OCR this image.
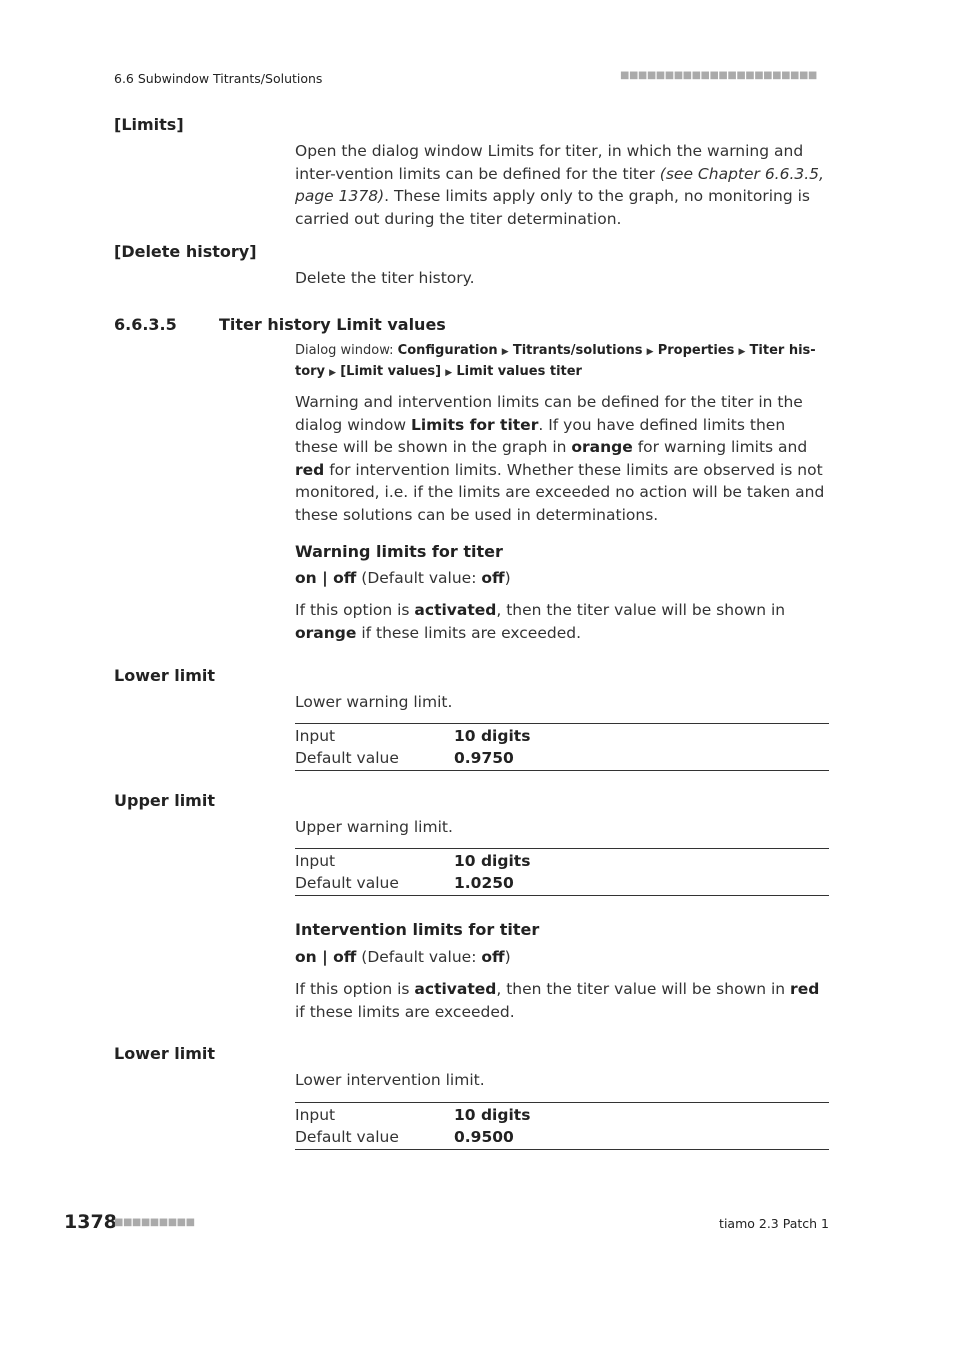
6.6 Subwindow Titrants/Solutions	■■■■■■■■■■■■■■■■■■■■■■
[Limits]
Open the dialog window Limits for titer, in which the warning and inter-vention limits can be defined for the titer (see Chapter 6.6.3.5, page 1378). These limits apply only to the graph, no monitoring is carried out during the titer determination.
[Delete history]
Delete the titer history.
6.6.3.5	Titer history Limit values
Dialog window: Configuration ▶ Titrants/solutions ▶ Properties ▶ Titer his-tory ▶ [Limit values] ▶ Limit values titer
Warning and intervention limits can be defined for the titer in the dialog window Limits for titer. If you have defined limits then these will be shown in the graph in orange for warning limits and red for intervention limits. Whether these limits are observed is not monitored, i.e. if the limits are exceeded no action will be taken and these solutions can be used in determinations.
Warning limits for titer
on | off (Default value: off)
If this option is activated, then the titer value will be shown in orange if these limits are exceeded.
Lower limit
Lower warning limit.
Input	10 digits
Default value	0.9750
Upper limit
Upper warning limit.
Input	10 digits
Default value	1.0250
Intervention limits for titer
on | off (Default value: off)
If this option is activated, then the titer value will be shown in red if these limits are exceeded.
Lower limit
Lower intervention limit.
Input	10 digits
Default value	0.9500
1378
■■■■■■■■■	tiamo 2.3 Patch 1
